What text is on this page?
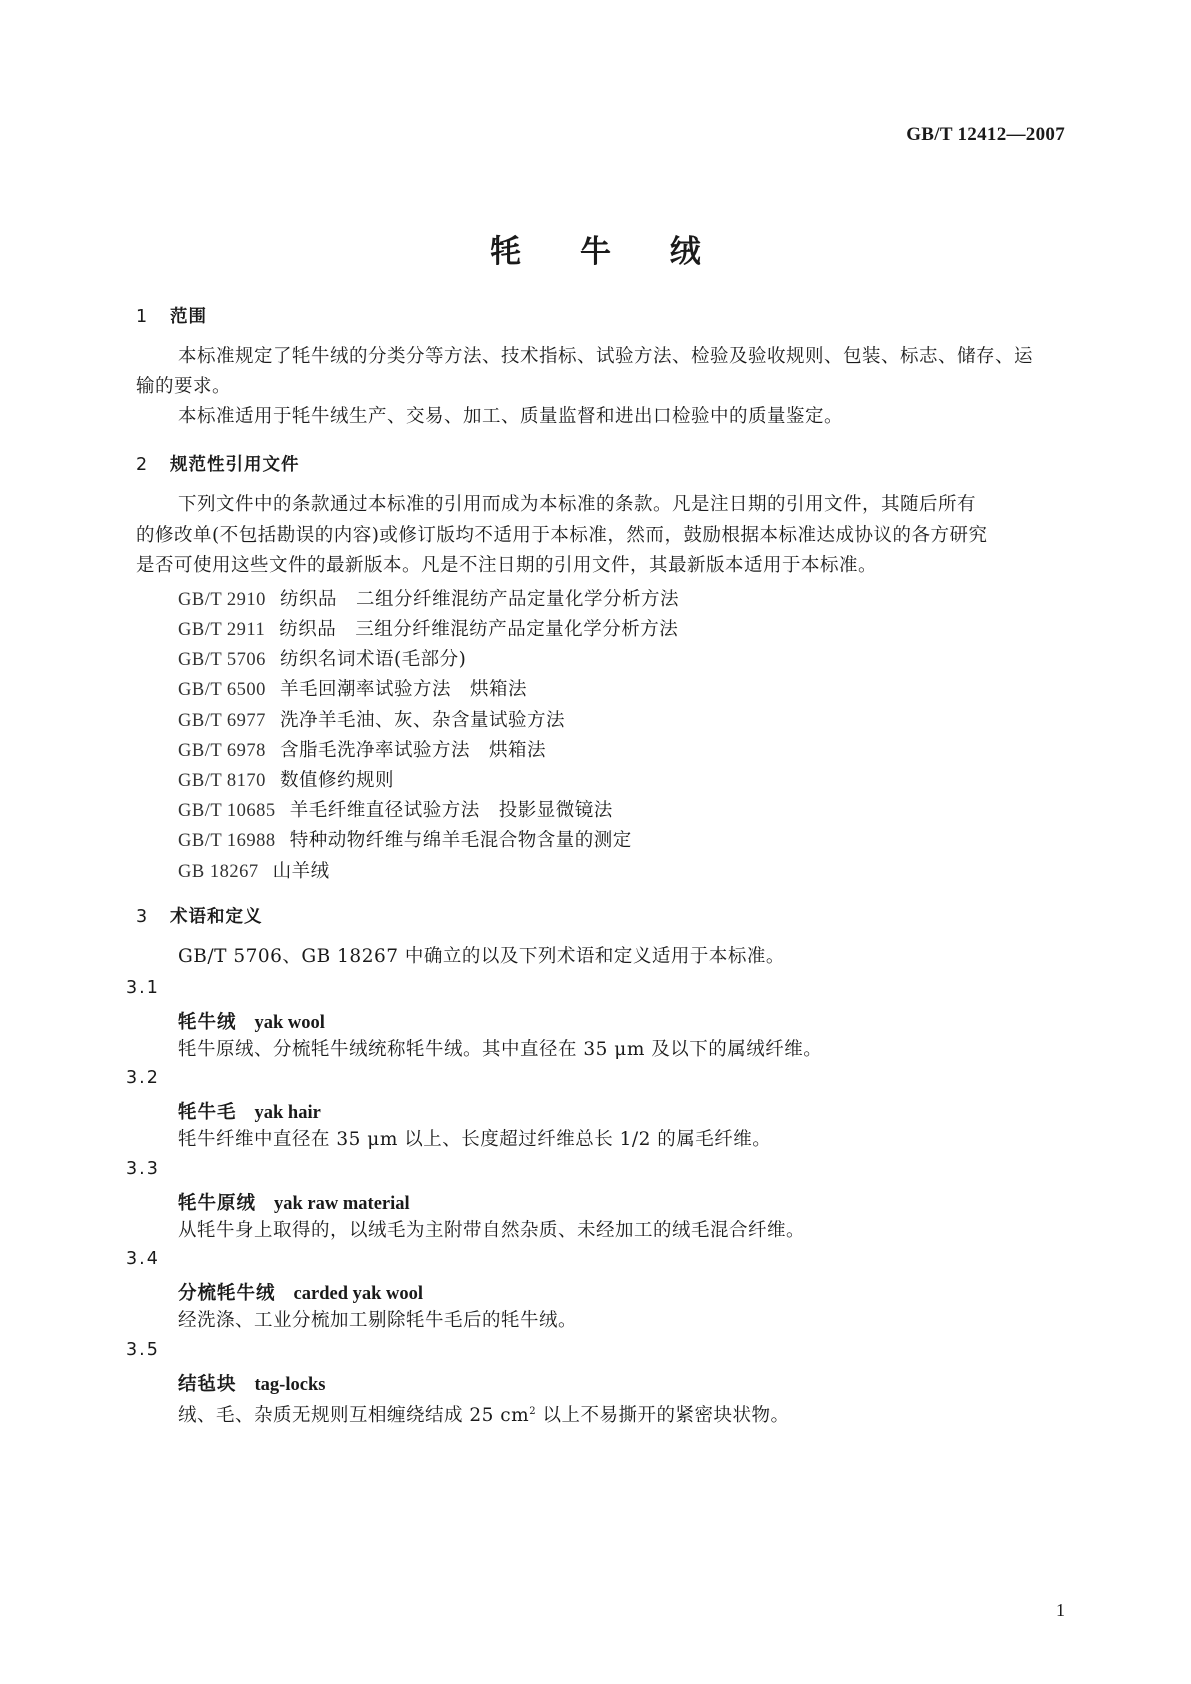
GB/T 12412—2007
牦 牛 绒
1 范围
本标准规定了牦牛绒的分类分等方法、技术指标、试验方法、检验及验收规则、包装、标志、储存、运
输的要求。
本标准适用于牦牛绒生产、交易、加工、质量监督和进出口检验中的质量鉴定。
2 规范性引用文件
下列文件中的条款通过本标准的引用而成为本标准的条款。凡是注日期的引用文件，其随后所有
的修改单(不包括勘误的内容)或修订版均不适用于本标准，然而，鼓励根据本标准达成协议的各方研究
是否可使用这些文件的最新版本。凡是不注日期的引用文件，其最新版本适用于本标准。
GB/T 2910 纺织品　二组分纤维混纺产品定量化学分析方法
GB/T 2911 纺织品　三组分纤维混纺产品定量化学分析方法
GB/T 5706 纺织名词术语(毛部分)
GB/T 6500 羊毛回潮率试验方法　烘箱法
GB/T 6977 洗净羊毛油、灰、杂含量试验方法
GB/T 6978 含脂毛洗净率试验方法　烘箱法
GB/T 8170 数值修约规则
GB/T 10685 羊毛纤维直径试验方法　投影显微镜法
GB/T 16988 特种动物纤维与绵羊毛混合物含量的测定
GB 18267 山羊绒
3 术语和定义
GB/T 5706、GB 18267 中确立的以及下列术语和定义适用于本标准。
3.1
牦牛绒 yak wool
牦牛原绒、分梳牦牛绒统称牦牛绒。其中直径在 35 μm 及以下的属绒纤维。
3.2
牦牛毛 yak hair
牦牛纤维中直径在 35 μm 以上、长度超过纤维总长 1/2 的属毛纤维。
3.3
牦牛原绒 yak raw material
从牦牛身上取得的，以绒毛为主附带自然杂质、未经加工的绒毛混合纤维。
3.4
分梳牦牛绒 carded yak wool
经洗涤、工业分梳加工剔除牦牛毛后的牦牛绒。
3.5
结毡块 tag-locks
绒、毛、杂质无规则互相缠绕结成 25 $cm^2$ 以上不易撕开的紧密块状物。
1
